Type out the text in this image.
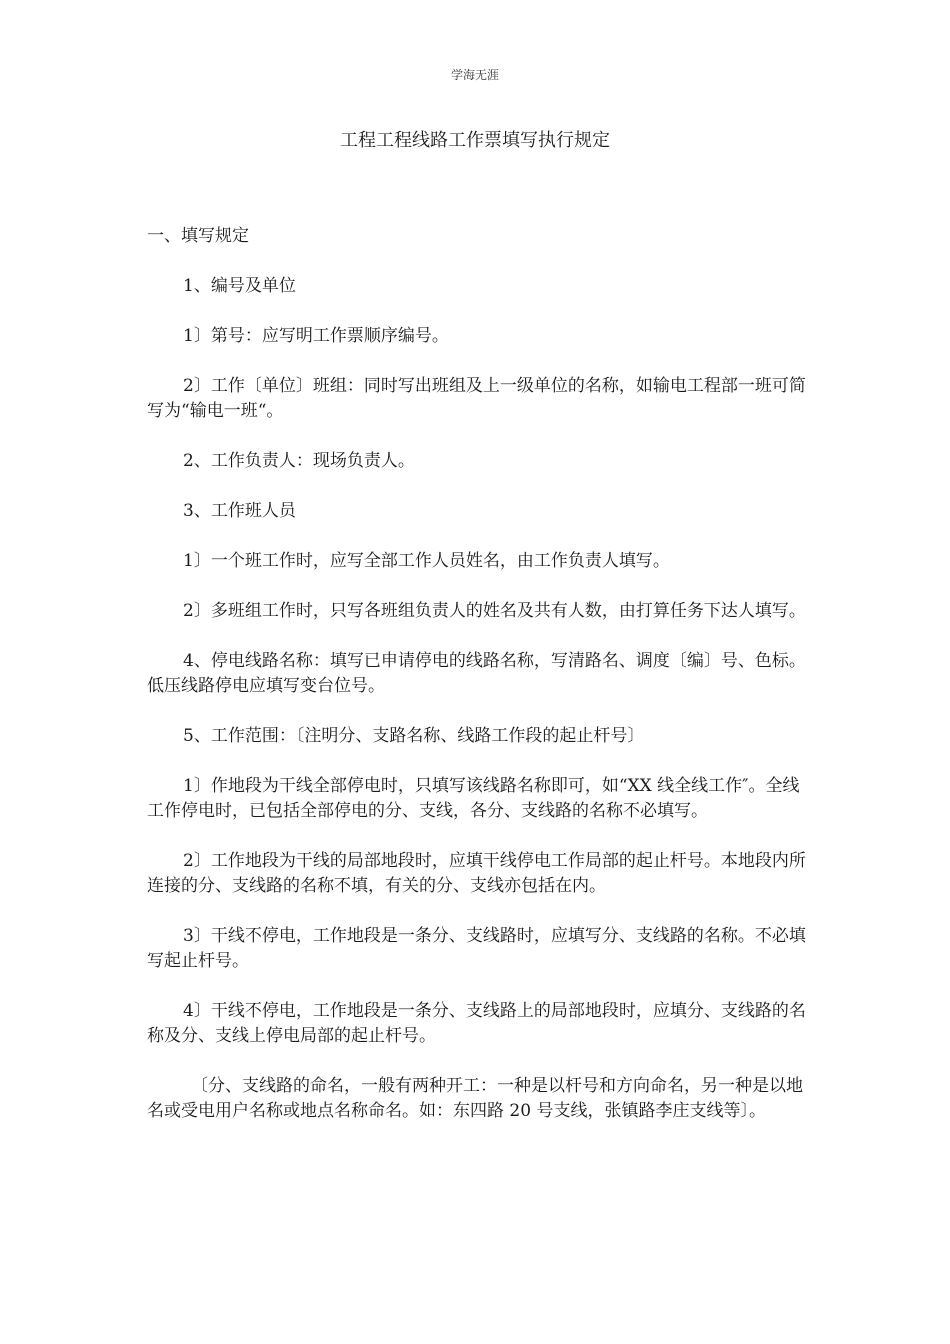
学海无涯
工程工程线路工作票填写执行规定

一、填写规定

1、编号及单位

1〕第号：应写明工作票顺序编号。

2〕工作〔单位〕班组：同时写出班组及上一级单位的名称，如输电工程部一班可简写为“输电一班“。

2、工作负责人：现场负责人。

3、工作班人员

1〕一个班工作时，应写全部工作人员姓名，由工作负责人填写。

2〕多班组工作时，只写各班组负责人的姓名及共有人数，由打算任务下达人填写。

4、停电线路名称：填写已申请停电的线路名称，写清路名、调度〔编〕号、色标。低压线路停电应填写变台位号。

5、工作范围：〔注明分、支路名称、线路工作段的起止杆号〕

1〕作地段为干线全部停电时，只填写该线路名称即可，如“XX 线全线工作″。全线工作停电时，已包括全部停电的分、支线，各分、支线路的名称不必填写。

2〕工作地段为干线的局部地段时，应填干线停电工作局部的起止杆号。本地段内所连接的分、支线路的名称不填，有关的分、支线亦包括在内。

3〕干线不停电，工作地段是一条分、支线路时，应填写分、支线路的名称。不必填写起止杆号。

4〕干线不停电，工作地段是一条分、支线路上的局部地段时，应填分、支线路的名称及分、支线上停电局部的起止杆号。

〔分、支线路的命名，一般有两种开工：一种是以杆号和方向命名，另一种是以地名或受电用户名称或地点名称命名。如：东四路 20 号支线，张镇路李庄支线等〕。
